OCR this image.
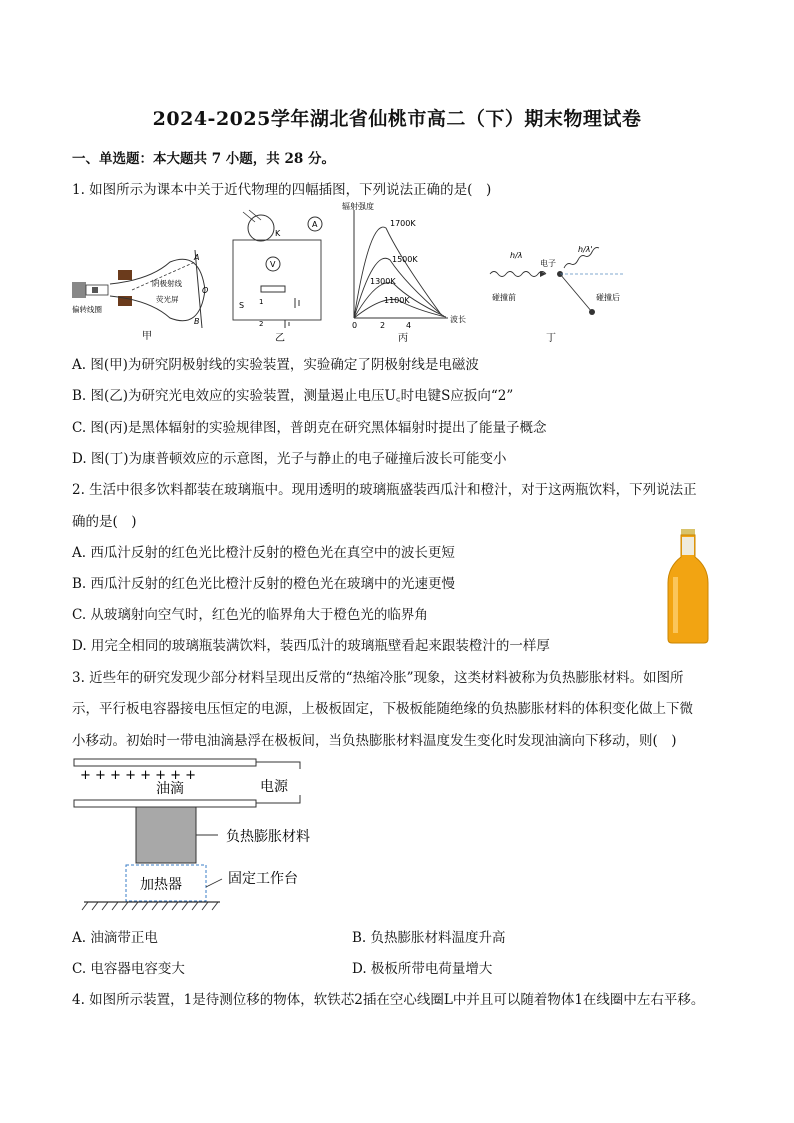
2024-2025学年湖北省仙桃市高二（下）期末物理试卷
一、单选题：本大题共 7 小题，共 28 分。
1. 如图所示为课本中关于近代物理的四幅插图，下列说法正确的是(　)
阴极射线
荧光屏
偏转线圈
A
O
B
甲
K
A
V
S 1
2
乙
辐射强度
1700K
1500K
1300K
1100K
波长
0	2	4
丙
h/λ
电子
碰撞前
h/λ'
碰撞后
丁
A. 图(甲)为研究阴极射线的实验装置，实验确定了阴极射线是电磁波
B. 图(乙)为研究光电效应的实验装置，测量遏止电压U꜀时电键S应扳向“2”
C. 图(丙)是黑体辐射的实验规律图，普朗克在研究黑体辐射时提出了能量子概念
D. 图(丁)为康普顿效应的示意图，光子与静止的电子碰撞后波长可能变小
2. 生活中很多饮料都装在玻璃瓶中。现用透明的玻璃瓶盛装西瓜汁和橙汁，对于这两瓶饮料，下列说法正
确的是(　)
A. 西瓜汁反射的红色光比橙汁反射的橙色光在真空中的波长更短
B. 西瓜汁反射的红色光比橙汁反射的橙色光在玻璃中的光速更慢
C. 从玻璃射向空气时，红色光的临界角大于橙色光的临界角
D. 用完全相同的玻璃瓶装满饮料，装西瓜汁的玻璃瓶壁看起来跟装橙汁的一样厚
3. 近些年的研究发现少部分材料呈现出反常的“热缩冷胀”现象，这类材料被称为负热膨胀材料。如图所
示，平行板电容器接电压恒定的电源，上极板固定，下极板能随绝缘的负热膨胀材料的体积变化做上下微
小移动。初始时一带电油滴悬浮在极板间，当负热膨胀材料温度发生变化时发现油滴向下移动，则(　)
+ + + + + + + +
油滴	电源
负热膨胀材料
加热器	固定工作台
A. 油滴带正电	B. 负热膨胀材料温度升高
C. 电容器电容变大	D. 极板所带电荷量增大
4. 如图所示装置，1是待测位移的物体，软铁芯2插在空心线圈L中并且可以随着物体1在线圈中左右平移。
